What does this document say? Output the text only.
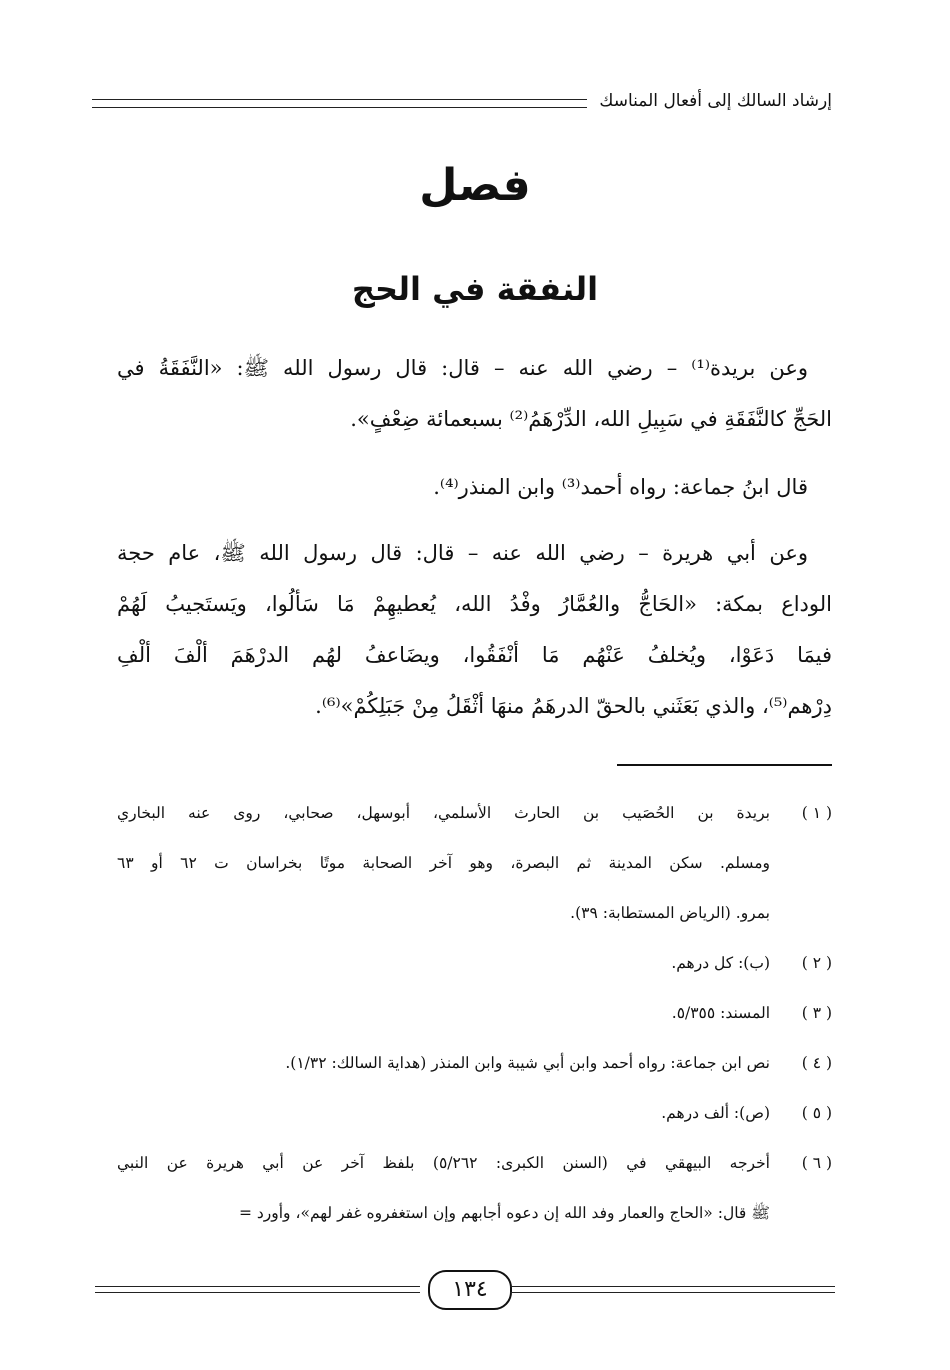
إرشاد السالك إلى أفعال المناسك
فصل
النفقة في الحج

وعن بريدة⁽¹⁾ – رضي الله عنه – قال: قال رسول الله ﷺ: «النَّفَقَةُ في

الحَجِّ كالنَّفَقَةِ في سَبِيلِ الله، الدِّرْهَمُ⁽²⁾ بسبعمائة ضِعْفٍ».

قال ابنُ جماعة: رواه أحمد⁽³⁾ وابن المنذر⁽⁴⁾.

وعن أبي هريرة – رضي الله عنه – قال: قال رسول الله ﷺ، عام حجة

الوداع بمكة: «الحَاجُّ والعُمَّارُ وفْدُ الله، يُعطيهِمْ مَا سَألُوا، ويَستَجيبُ لَهُمْ

فيمَا دَعَوْا، ويُخلفُ عَنْهُم مَا أنْفَقُوا، ويضَاعفُ لهُم الدرْهَمَ ألْفَ ألْفِ

دِرْهم⁽⁵⁾، والذي بَعَثَني بالحقّ الدرهَمُ منهَا أثْقَلُ مِنْ جَبَلِكُمْ»⁽⁶⁾.

( ١ )
بريدة بن الحُصَيب بن الحارث الأسلمي، أبوسهل، صحابي، روى عنه البخاري
ومسلم. سكن المدينة ثم البصرة، وهو آخر الصحابة موتًا بخراسان ت ٦٢ أو ٦٣
بمرو. (الرياض المستطابة: ٣٩).
( ٢ )
(ب): كل درهم.
( ٣ )
المسند: ٥/٣٥٥.
( ٤ )
نص ابن جماعة: رواه أحمد وابن أبي شيبة وابن المنذر (هداية السالك: ١/٣٢).
( ٥ )
(ص): ألف درهم.
( ٦ )
أخرجه البيهقي في (السنن الكبرى: ٥/٢٦٢) بلفظ آخر عن أبي هريرة عن النبي
ﷺ قال: «الحاج والعمار وفد الله إن دعوه أجابهم وإن استغفروه غفر لهم»، وأورد =
١٣٤
